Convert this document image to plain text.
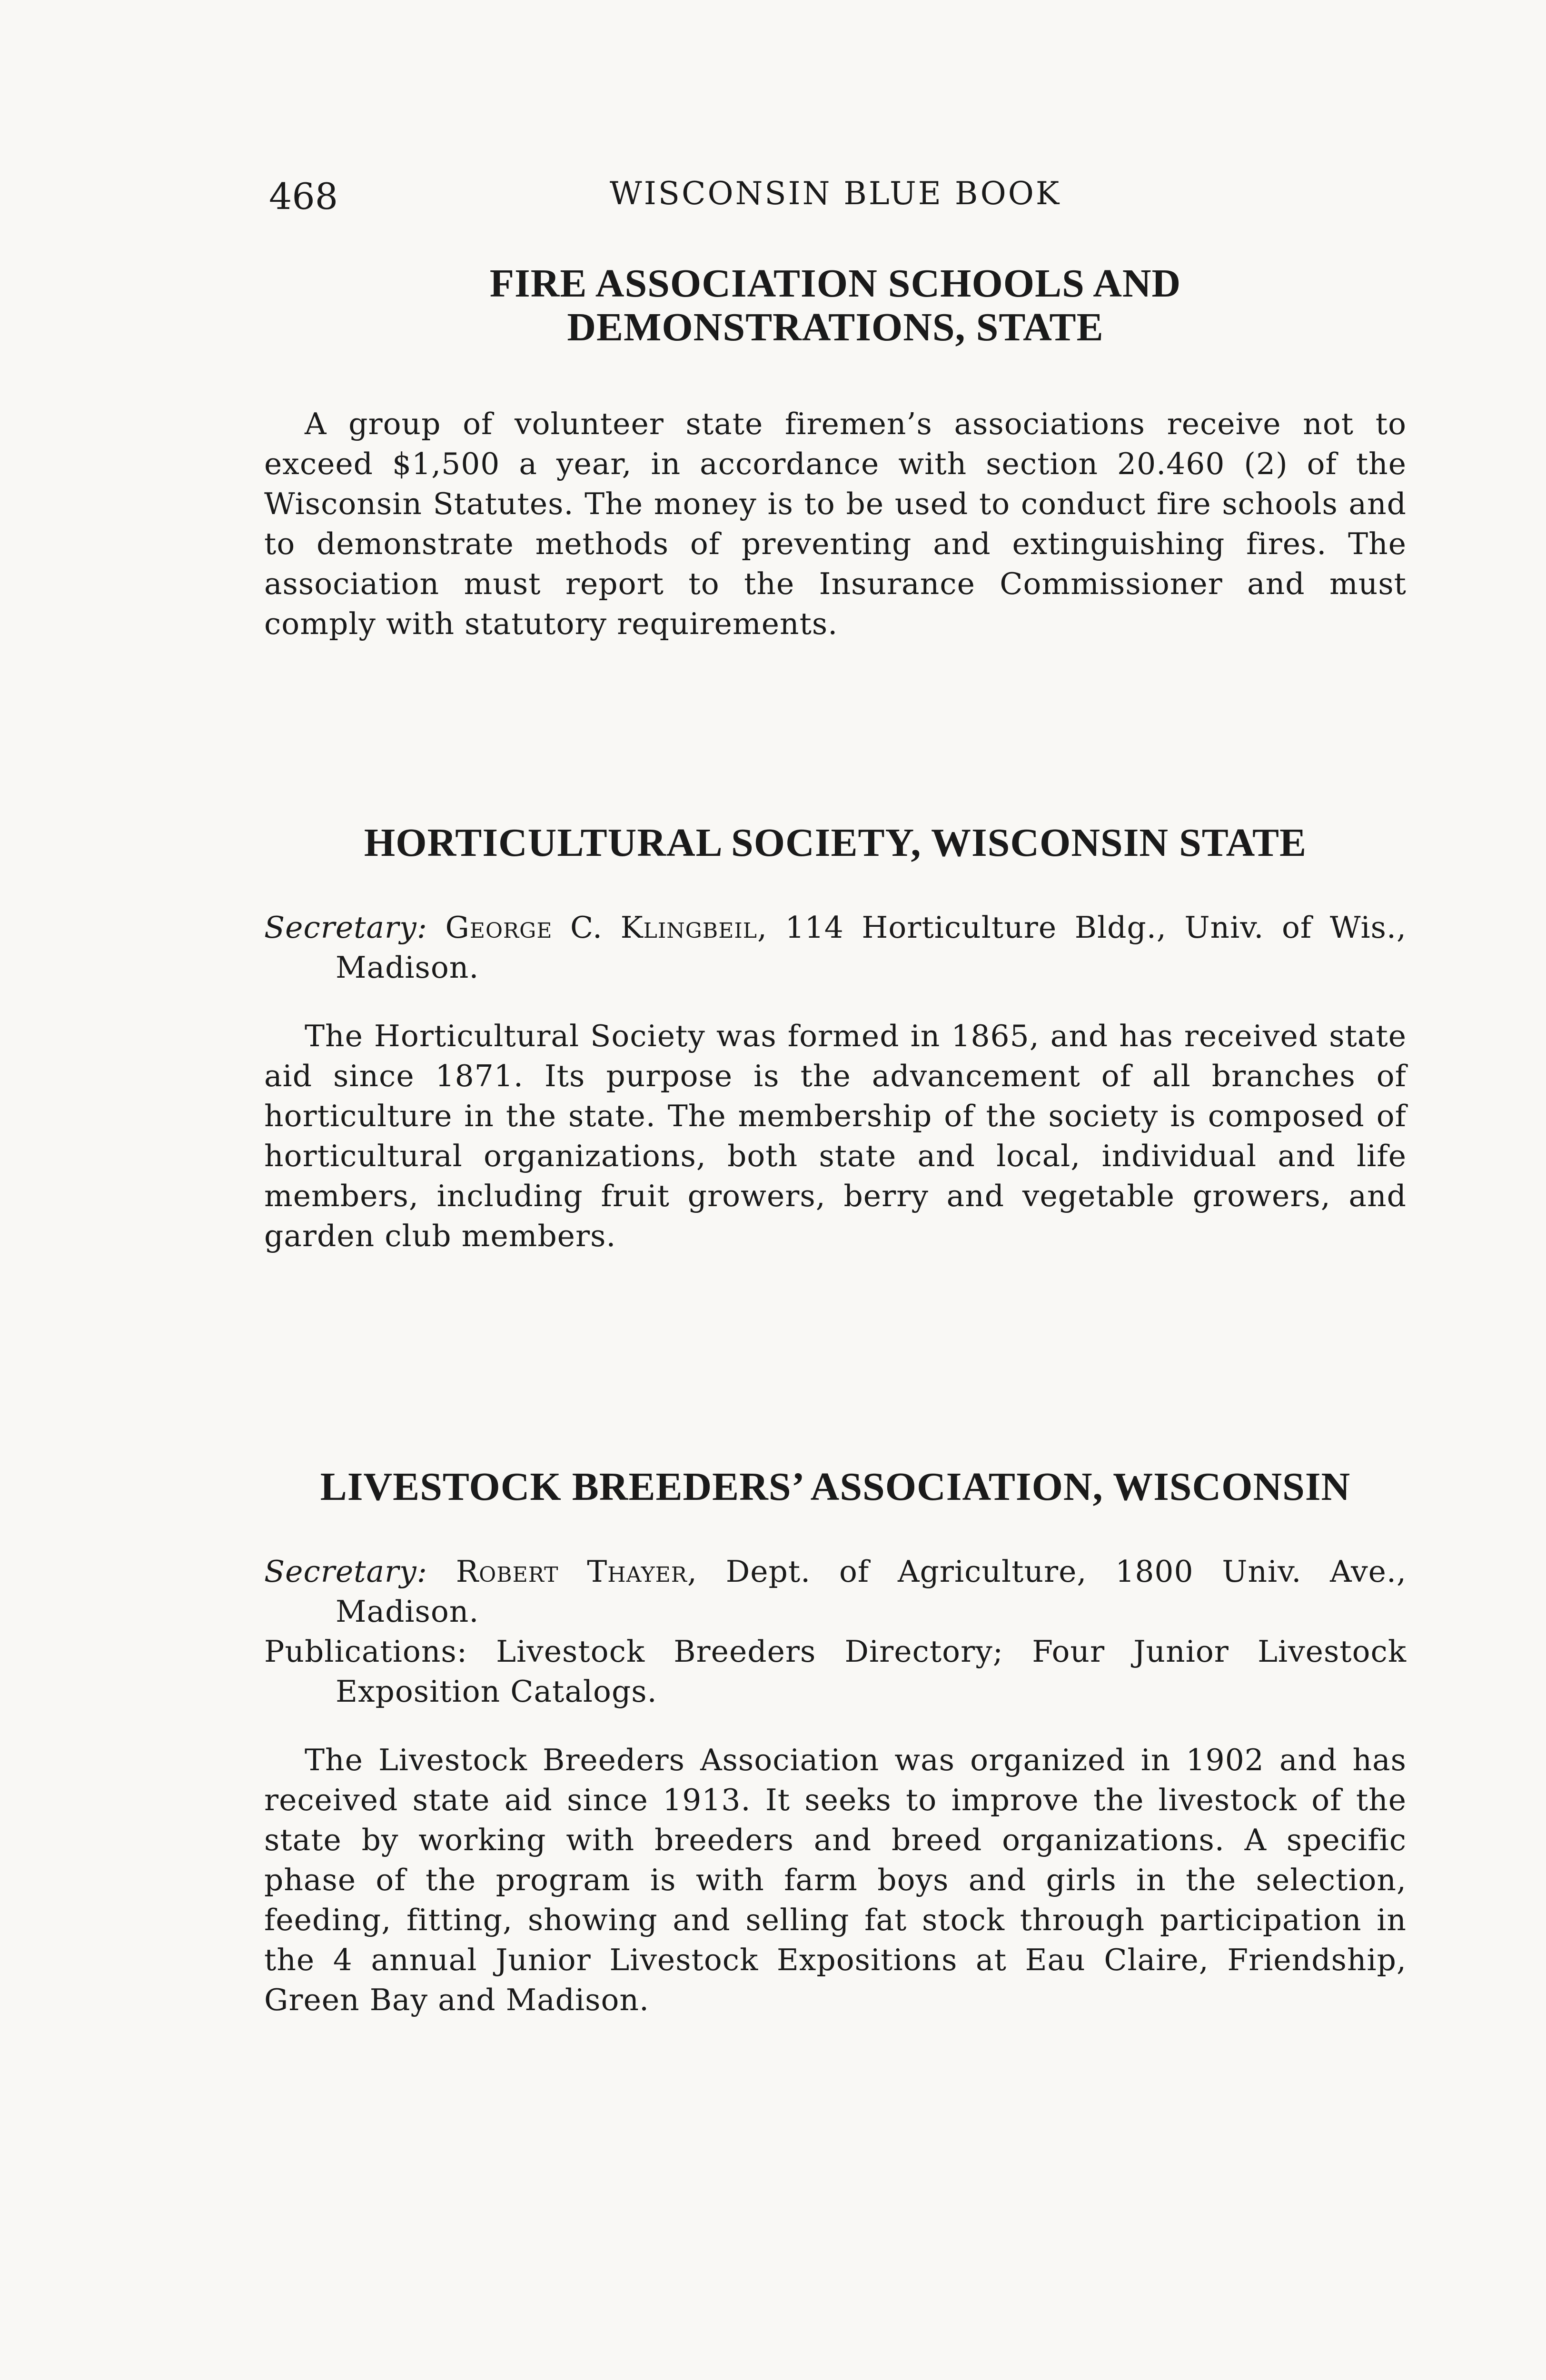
468	WISCONSIN BLUE BOOK
FIRE ASSOCIATION SCHOOLS AND
DEMONSTRATIONS, STATE

A group of volunteer state firemen’s associations receive not to exceed $1,500 a year, in accordance with section 20.460 (2) of the Wisconsin Statutes. The money is to be used to conduct fire schools and to demonstrate methods of preventing and extinguishing fires. The association must report to the Insurance Commissioner and must comply with statutory requirements.

HORTICULTURAL SOCIETY, WISCONSIN STATE
Secretary: George C. Klingbeil, 114 Horticulture Bldg., Univ. of Wis., Madison.

The Horticultural Society was formed in 1865, and has received state aid since 1871. Its purpose is the advancement of all branches of horticulture in the state. The membership of the society is composed of horticultural organizations, both state and local, individual and life members, including fruit growers, berry and vegetable growers, and garden club members.

LIVESTOCK BREEDERS’ ASSOCIATION, WISCONSIN
Secretary: Robert Thayer, Dept. of Agriculture, 1800 Univ. Ave., Madison.
Publications: Livestock Breeders Directory; Four Junior Livestock Exposition Catalogs.

The Livestock Breeders Association was organized in 1902 and has received state aid since 1913. It seeks to improve the livestock of the state by working with breeders and breed organizations. A specific phase of the program is with farm boys and girls in the selection, feeding, fitting, showing and selling fat stock through participation in the 4 annual Junior Livestock Expositions at Eau Claire, Friendship, Green Bay and Madison.
